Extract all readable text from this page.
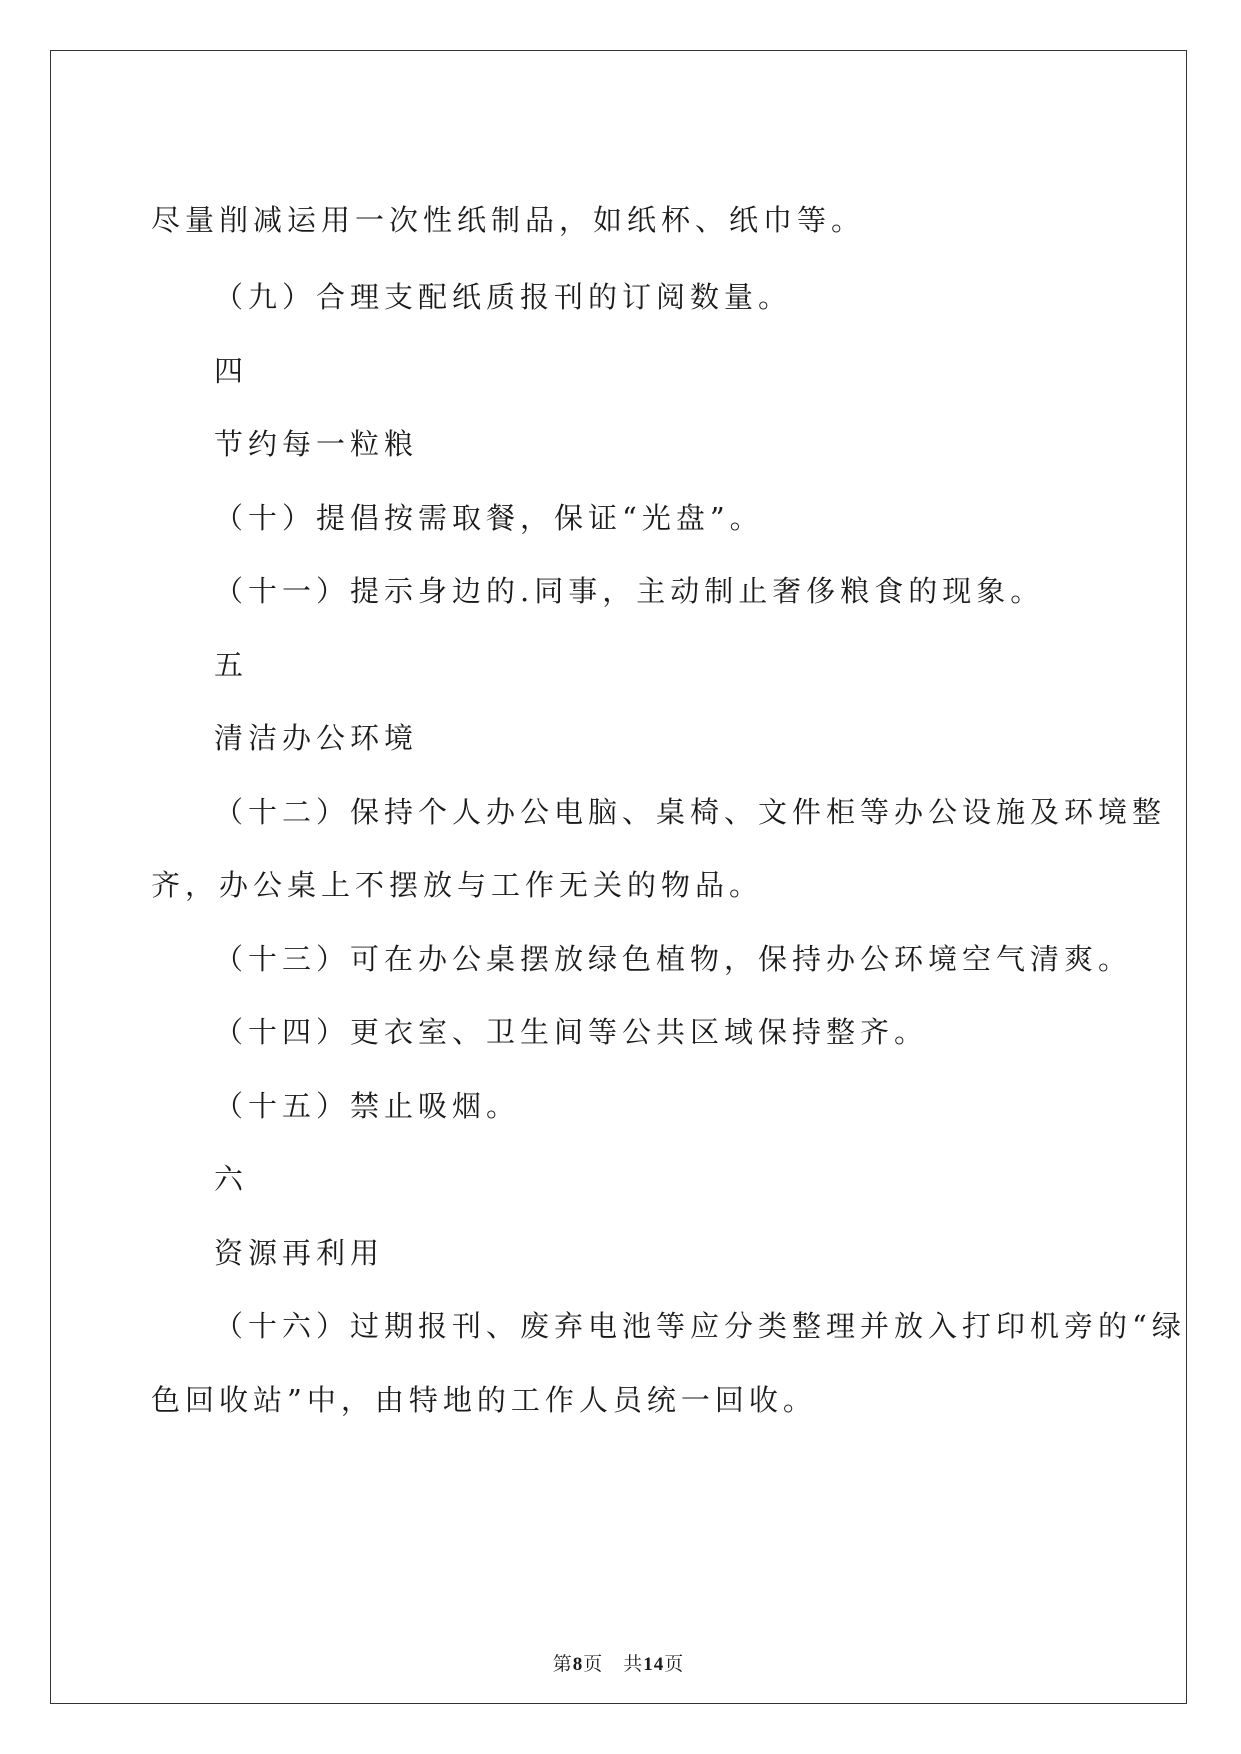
尽量削减运用一次性纸制品，如纸杯、纸巾等。
（九）合理支配纸质报刊的订阅数量。
四
节约每一粒粮
（十）提倡按需取餐，保证“光盘”。
（十一）提示身边的.同事，主动制止奢侈粮食的现象。
五
清洁办公环境
（十二）保持个人办公电脑、桌椅、文件柜等办公设施及环境整
齐，办公桌上不摆放与工作无关的物品。
（十三）可在办公桌摆放绿色植物，保持办公环境空气清爽。
（十四）更衣室、卫生间等公共区域保持整齐。
（十五）禁止吸烟。
六
资源再利用
（十六）过期报刊、废弃电池等应分类整理并放入打印机旁的“绿
色回收站”中，由特地的工作人员统一回收。
第8页 共14页
